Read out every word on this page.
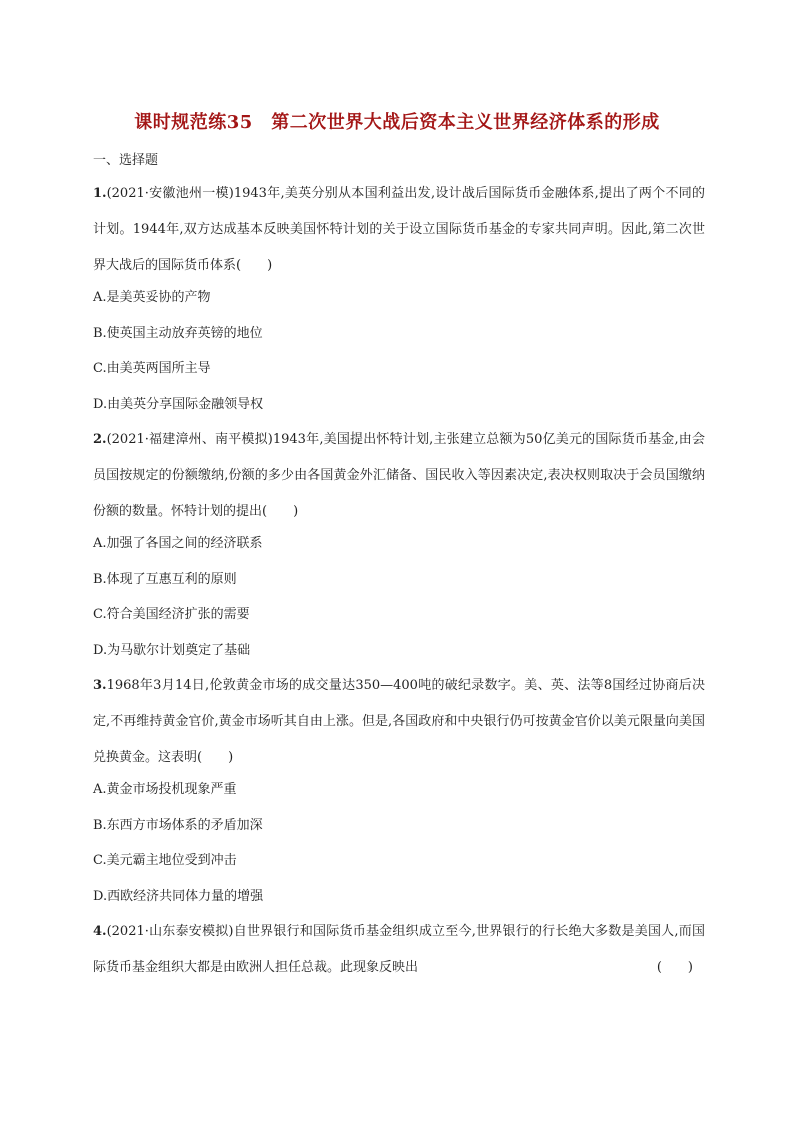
课时规范练35　第二次世界大战后资本主义世界经济体系的形成
一、选择题
1.(2021·安徽池州一模)1943年,美英分别从本国利益出发,设计战后国际货币金融体系,提出了两个不同的计划。1944年,双方达成基本反映美国怀特计划的关于设立国际货币基金的专家共同声明。因此,第二次世界大战后的国际货币体系(　　)
A.是美英妥协的产物
B.使英国主动放弃英镑的地位
C.由美英两国所主导
D.由美英分享国际金融领导权
2.(2021·福建漳州、南平模拟)1943年,美国提出怀特计划,主张建立总额为50亿美元的国际货币基金,由会员国按规定的份额缴纳,份额的多少由各国黄金外汇储备、国民收入等因素决定,表决权则取决于会员国缴纳份额的数量。怀特计划的提出(　　)
A.加强了各国之间的经济联系
B.体现了互惠互利的原则
C.符合美国经济扩张的需要
D.为马歇尔计划奠定了基础
3.1968年3月14日,伦敦黄金市场的成交量达350—400吨的破纪录数字。美、英、法等8国经过协商后决定,不再维持黄金官价,黄金市场听其自由上涨。但是,各国政府和中央银行仍可按黄金官价以美元限量向美国兑换黄金。这表明(　　)
A.黄金市场投机现象严重
B.东西方市场体系的矛盾加深
C.美元霸主地位受到冲击
D.西欧经济共同体力量的增强
4.(2021·山东泰安模拟)自世界银行和国际货币基金组织成立至今,世界银行的行长绝大多数是美国人,而国际货币基金组织大都是由欧洲人担任总裁。此现象反映出	(　　)
